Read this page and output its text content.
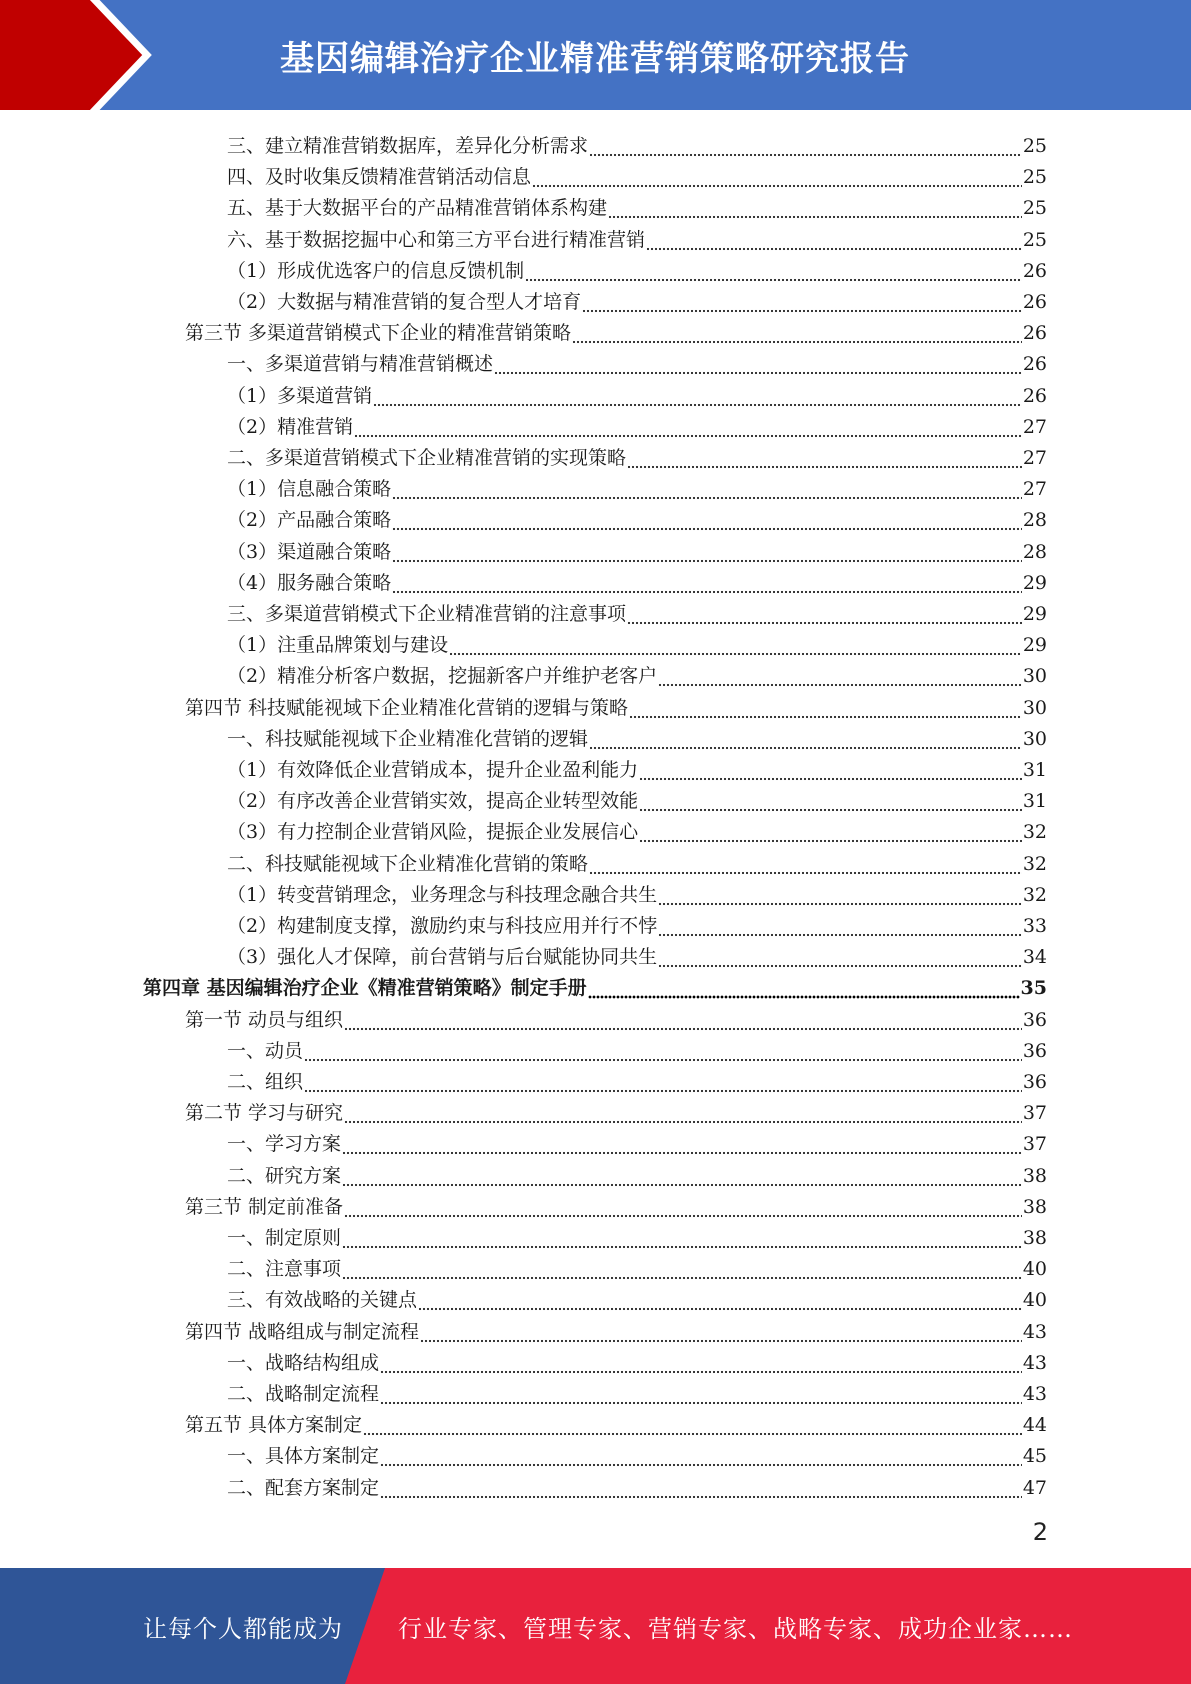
基因编辑治疗企业精准营销策略研究报告
三、建立精准营销数据库，差异化分析需求	25
四、及时收集反馈精准营销活动信息	25
五、基于大数据平台的产品精准营销体系构建	25
六、基于数据挖掘中心和第三方平台进行精准营销	25
（1）形成优选客户的信息反馈机制	26
（2）大数据与精准营销的复合型人才培育	26
第三节 多渠道营销模式下企业的精准营销策略	26
一、多渠道营销与精准营销概述	26
（1）多渠道营销	26
（2）精准营销	27
二、多渠道营销模式下企业精准营销的实现策略	27
（1）信息融合策略	27
（2）产品融合策略	28
（3）渠道融合策略	28
（4）服务融合策略	29
三、多渠道营销模式下企业精准营销的注意事项	29
（1）注重品牌策划与建设	29
（2）精准分析客户数据，挖掘新客户并维护老客户	30
第四节 科技赋能视域下企业精准化营销的逻辑与策略	30
一、科技赋能视域下企业精准化营销的逻辑	30
（1）有效降低企业营销成本，提升企业盈利能力	31
（2）有序改善企业营销实效，提高企业转型效能	31
（3）有力控制企业营销风险，提振企业发展信心	32
二、科技赋能视域下企业精准化营销的策略	32
（1）转变营销理念，业务理念与科技理念融合共生	32
（2）构建制度支撑，激励约束与科技应用并行不悖	33
（3）强化人才保障，前台营销与后台赋能协同共生	34
第四章 基因编辑治疗企业《精准营销策略》制定手册	35
第一节 动员与组织	36
一、动员	36
二、组织	36
第二节 学习与研究	37
一、学习方案	37
二、研究方案	38
第三节 制定前准备	38
一、制定原则	38
二、注意事项	40
三、有效战略的关键点	40
第四节 战略组成与制定流程	43
一、战略结构组成	43
二、战略制定流程	43
第五节 具体方案制定	44
一、具体方案制定	45
二、配套方案制定	47
2
让每个人都能成为 行业专家、管理专家、营销专家、战略专家、成功企业家……
